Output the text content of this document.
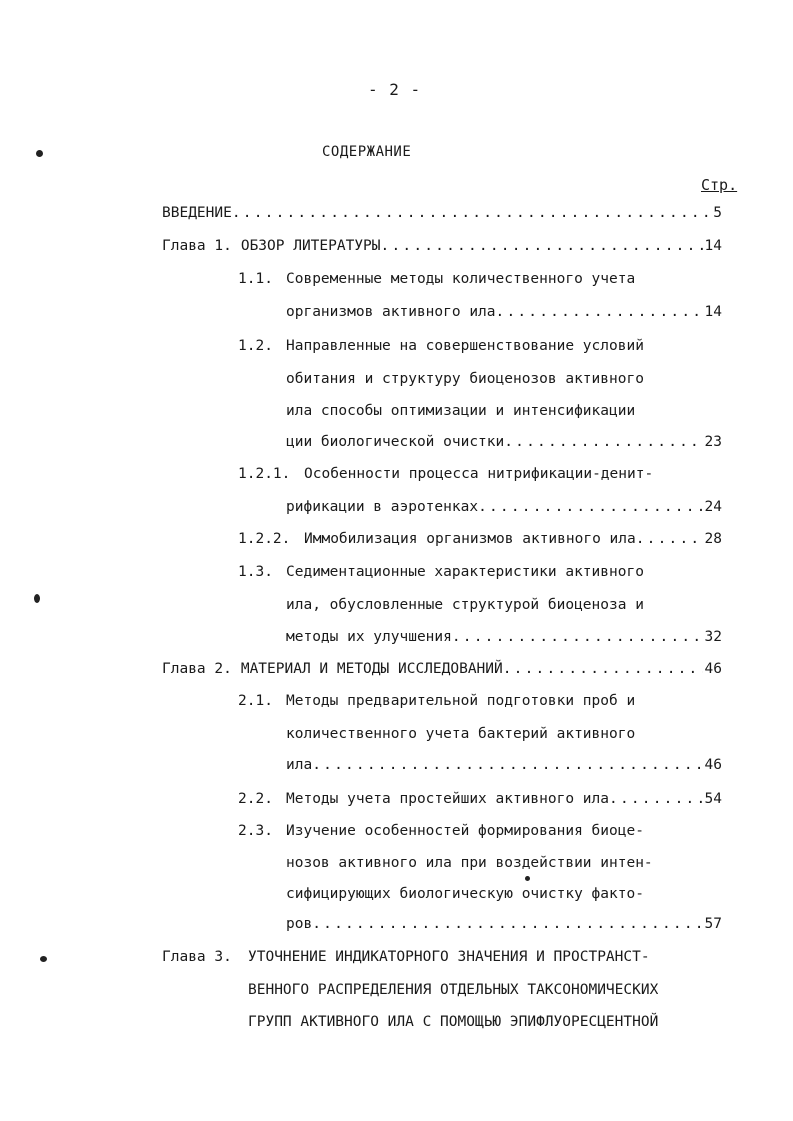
- 2 -
СОДЕРЖАНИЕ
Стр.
ВВЕДЕНИЕ .....	5
Глава 1. ОБЗОР ЛИТЕРАТУРЫ .....	14
1.1. Современные методы количественного учета
организмов активного ила .....	14
1.2. Направленные на совершенствование условий
обитания и структуру биоценозов активного
ила способы оптимизации и интенсификации
ции биологической очистки .....	23
1.2.1. Особенности процесса нитрификации-денит-
рификации в аэротенках .....	24
1.2.2. Иммобилизация организмов активного ила .....	28
1.3. Седиментационные характеристики активного
ила, обусловленные структурой биоценоза и
методы их улучшения .....	32
Глава 2. МАТЕРИАЛ И МЕТОДЫ ИССЛЕДОВАНИЙ .....	46
2.1. Методы предварительной подготовки проб и
количественного учета бактерий активного
ила .....	46
2.2. Методы учета простейших активного ила .....	54
2.3. Изучение особенностей формирования биоце-
нозов активного ила при воздействии интен-
сифицирующих биологическую очистку факто-
ров .....	57
Глава 3. УТОЧНЕНИЕ ИНДИКАТОРНОГО ЗНАЧЕНИЯ И ПРОСТРАНСТ-
ВЕННОГО РАСПРЕДЕЛЕНИЯ ОТДЕЛЬНЫХ ТАКСОНОМИЧЕСКИХ
ГРУПП АКТИВНОГО ИЛА С ПОМОЩЬЮ ЭПИФЛУОРЕСЦЕНТНОЙ
